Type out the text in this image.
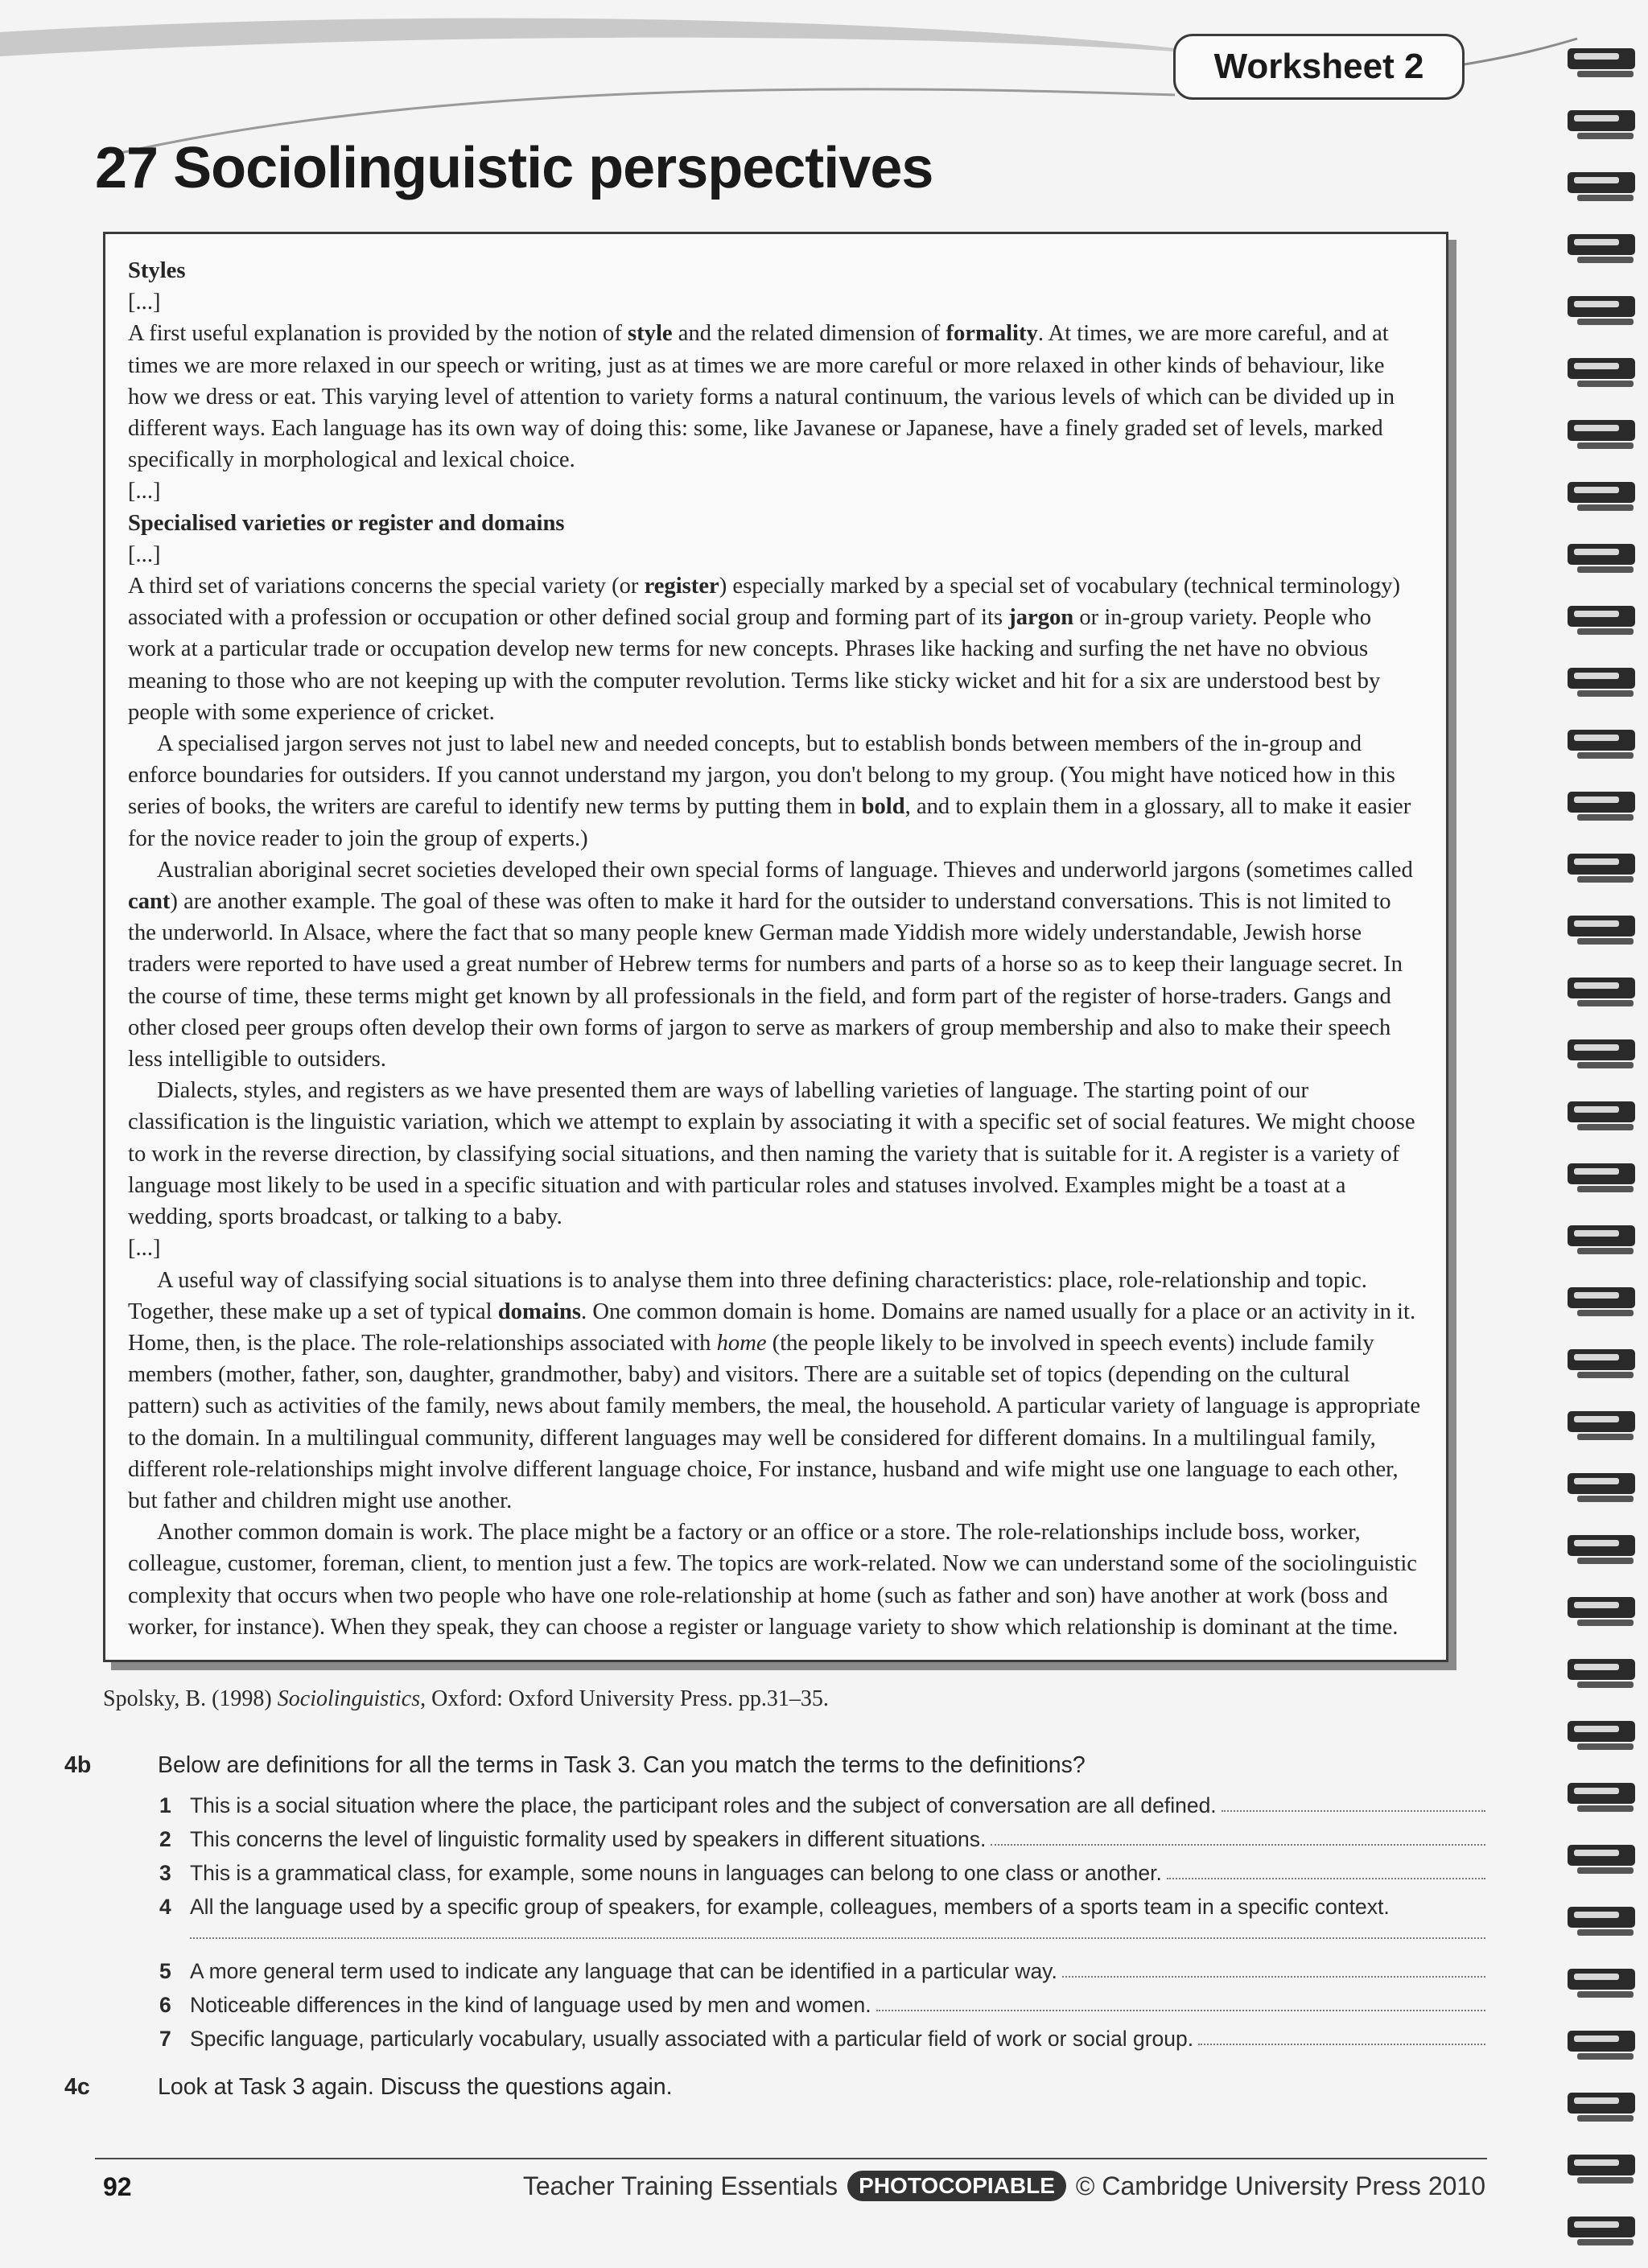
Worksheet 2
27 Sociolinguistic perspectives

Styles

[...]

A first useful explanation is provided by the notion of style and the related dimension of formality. At times, we are more careful, and at times we are more relaxed in our speech or writing, just as at times we are more careful or more relaxed in other kinds of behaviour, like how we dress or eat. This varying level of attention to variety forms a natural continuum, the various levels of which can be divided up in different ways. Each language has its own way of doing this: some, like Javanese or Japanese, have a finely graded set of levels, marked specifically in morphological and lexical choice.

[...]

Specialised varieties or register and domains

[...]

A third set of variations concerns the special variety (or register) especially marked by a special set of vocabulary (technical terminology) associated with a profession or occupation or other defined social group and forming part of its jargon or in-group variety. People who work at a particular trade or occupation develop new terms for new concepts. Phrases like hacking and surfing the net have no obvious meaning to those who are not keeping up with the computer revolution. Terms like sticky wicket and hit for a six are understood best by people with some experience of cricket.

A specialised jargon serves not just to label new and needed concepts, but to establish bonds between members of the in-group and enforce boundaries for outsiders. If you cannot understand my jargon, you don't belong to my group. (You might have noticed how in this series of books, the writers are careful to identify new terms by putting them in bold, and to explain them in a glossary, all to make it easier for the novice reader to join the group of experts.)

Australian aboriginal secret societies developed their own special forms of language. Thieves and underworld jargons (sometimes called cant) are another example. The goal of these was often to make it hard for the outsider to understand conversations. This is not limited to the underworld. In Alsace, where the fact that so many people knew German made Yiddish more widely understandable, Jewish horse traders were reported to have used a great number of Hebrew terms for numbers and parts of a horse so as to keep their language secret. In the course of time, these terms might get known by all professionals in the field, and form part of the register of horse-traders. Gangs and other closed peer groups often develop their own forms of jargon to serve as markers of group membership and also to make their speech less intelligible to outsiders.

Dialects, styles, and registers as we have presented them are ways of labelling varieties of language. The starting point of our classification is the linguistic variation, which we attempt to explain by associating it with a specific set of social features. We might choose to work in the reverse direction, by classifying social situations, and then naming the variety that is suitable for it. A register is a variety of language most likely to be used in a specific situation and with particular roles and statuses involved. Examples might be a toast at a wedding, sports broadcast, or talking to a baby.

[...]

A useful way of classifying social situations is to analyse them into three defining characteristics: place, role-relationship and topic. Together, these make up a set of typical domains. One common domain is home. Domains are named usually for a place or an activity in it. Home, then, is the place. The role-relationships associated with home (the people likely to be involved in speech events) include family members (mother, father, son, daughter, grandmother, baby) and visitors. There are a suitable set of topics (depending on the cultural pattern) such as activities of the family, news about family members, the meal, the household. A particular variety of language is appropriate to the domain. In a multilingual community, different languages may well be considered for different domains. In a multilingual family, different role-relationships might involve different language choice, For instance, husband and wife might use one language to each other, but father and children might use another.

Another common domain is work. The place might be a factory or an office or a store. The role-relationships include boss, worker, colleague, customer, foreman, client, to mention just a few. The topics are work-related. Now we can understand some of the sociolinguistic complexity that occurs when two people who have one role-relationship at home (such as father and son) have another at work (boss and worker, for instance). When they speak, they can choose a register or language variety to show which relationship is dominant at the time.

Spolsky, B. (1998) Sociolinguistics, Oxford: Oxford University Press. pp.31–35.
4b	Below are definitions for all the terms in Task 3. Can you match the terms to the definitions?
1 This is a social situation where the place, the participant roles and the subject of conversation are all defined.
2 This concerns the level of linguistic formality used by speakers in different situations.
3 This is a grammatical class, for example, some nouns in languages can belong to one class or another.
4 All the language used by a specific group of speakers, for example, colleagues, members of a sports team in a specific context.
5 A more general term used to indicate any language that can be identified in a particular way.
6 Noticeable differences in the kind of language used by men and women.
7 Specific language, particularly vocabulary, usually associated with a particular field of work or social group.
4c	Look at Task 3 again. Discuss the questions again.
92	Teacher Training Essentials PHOTOCOPIABLE © Cambridge University Press 2010
